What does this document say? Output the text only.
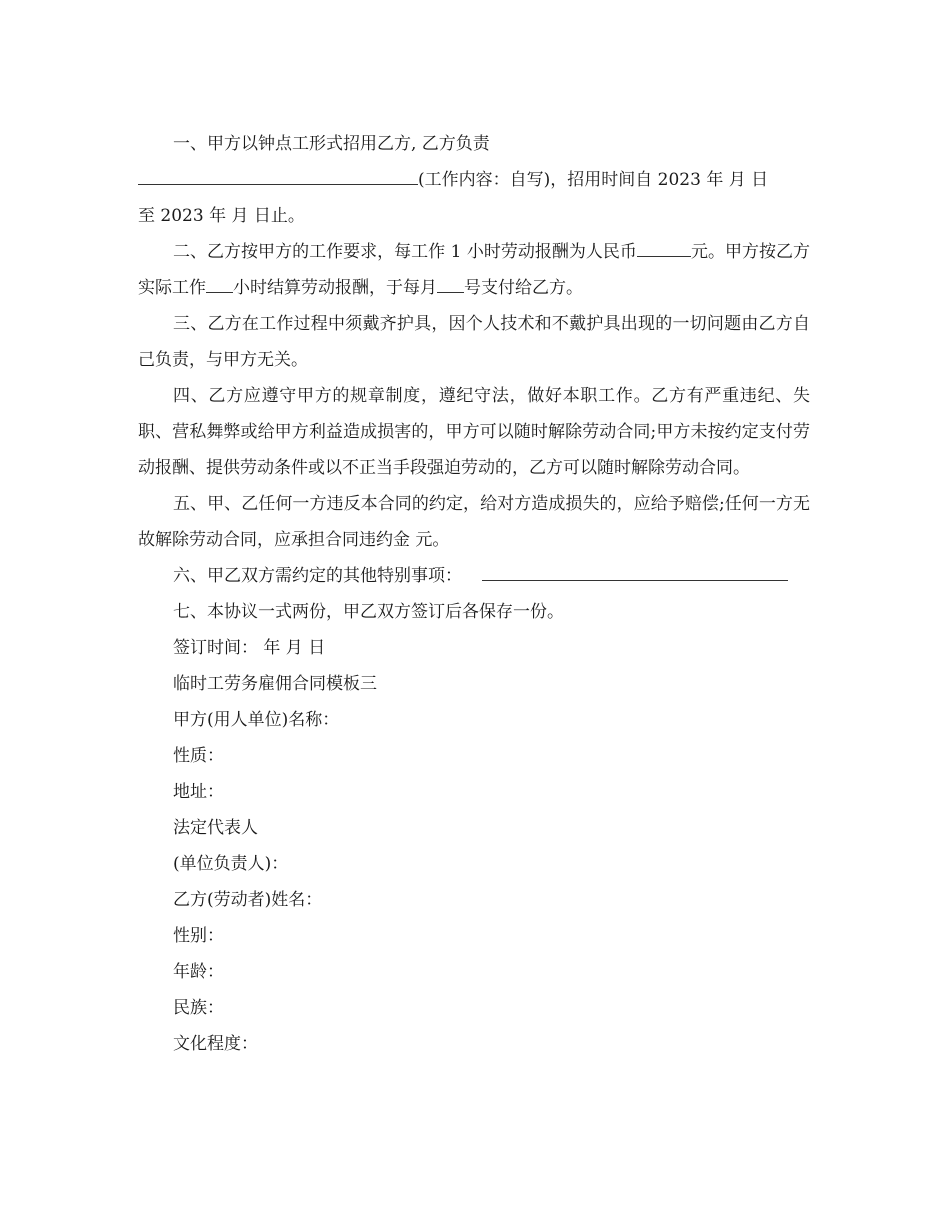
一、甲方以钟点工形式招用乙方, 乙方负责

(工作内容：自写)，招用时间自 2023 年 月 日

至 2023 年 月 日止。

二、乙方按甲方的工作要求，每工作 1 小时劳动报酬为人民币	元。甲方按乙方实际工作 小时结算劳动报酬，于每月 号支付给乙方。

三、乙方在工作过程中须戴齐护具，因个人技术和不戴护具出现的一切问题由乙方自己负责，与甲方无关。

四、乙方应遵守甲方的规章制度，遵纪守法，做好本职工作。乙方有严重违纪、失职、营私舞弊或给甲方利益造成损害的，甲方可以随时解除劳动合同;甲方未按约定支付劳动报酬、提供劳动条件或以不正当手段强迫劳动的，乙方可以随时解除劳动合同。

五、甲、乙任何一方违反本合同的约定，给对方造成损失的，应给予赔偿;任何一方无故解除劳动合同，应承担合同违约金 元。

六、甲乙双方需约定的其他特别事项：

七、本协议一式两份，甲乙双方签订后各保存一份。

签订时间： 年 月 日

临时工劳务雇佣合同模板三

甲方(用人单位)名称：

性质：

地址：

法定代表人

(单位负责人)：

乙方(劳动者)姓名：

性别：

年龄：

民族：

文化程度：
